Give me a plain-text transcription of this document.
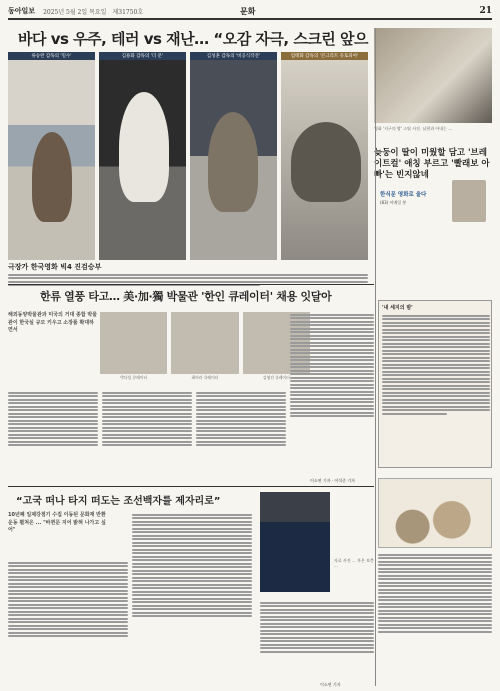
동아일보 2025년 5월 2일 목요일 제31750호	문화	21
바다 vs 우주, 테러 vs 재난… “오감 자극, 스크린 앞으
류승완 감독의 '밀수'	김용화 감독의 '더 문'	김성훈 감독의 '비공식작전'	엄태화 감독의 '콘크리트 유토피아'
영화 '지구의 밤' 스틸 사진. 남편과 아내는 ...
늦둥이 딸이 미웠할 담고 '브레이트컬' 애칭 부르고 '빨래보 아빠'는 빈지않네
한식문 영화로 울다
(83) 이메일 봉
극장가 한국영화 빅4 진검승부
'내 세지의 밤'
한류 열풍 타고… 美·加·獨 박물관 '한인 큐레이터' 채용 잇달아
해외동양박물관과 미국의 거대 종합 박물관이 한국실 규모 키우고 소장품 확대하면서
박다섭 큐레이터	최아라 큐레이터	김영진 큐레이터
이소연 기자 · 이석준 기자
“고국 떠나 타지 떠도는 조선백자를 제자리로”
10년째 일제강점기 수집 이동된 문화재 반환운동 펼쳐온 ... "바뀐문 지어 밝혀 나가고 싶어"
자료 사진 ... 흑은 보충 ...
이소연 기자
